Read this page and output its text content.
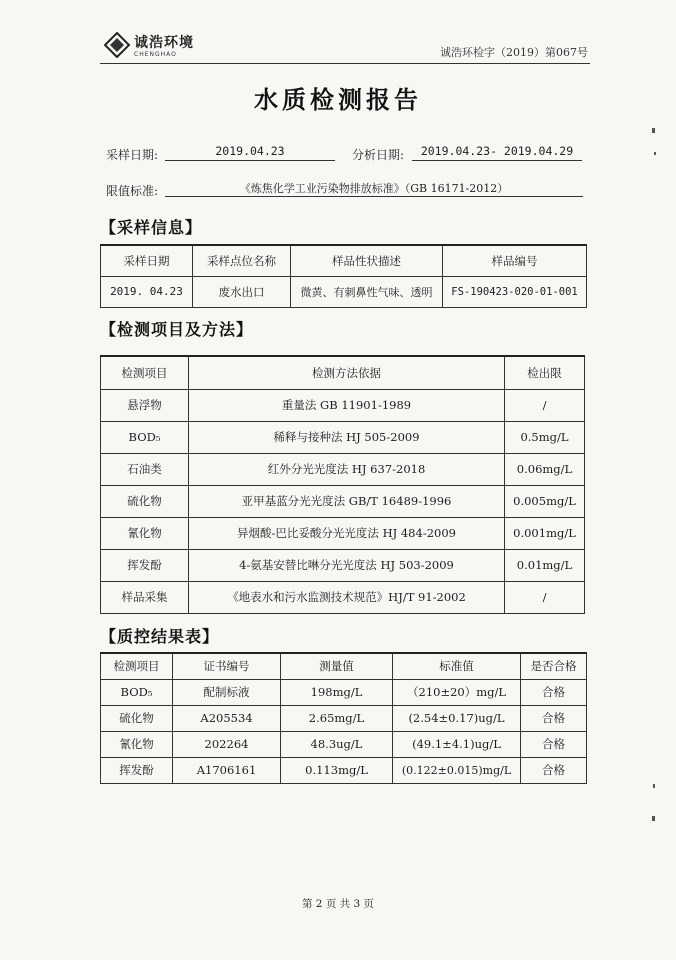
诚浩环境
CHENGHAO	诚浩环检字（2019）第067号
水质检测报告
采样日期:	2019.04.23	分析日期:	2019.04.23- 2019.04.29
限值标准:	《炼焦化学工业污染物排放标准》（GB 16171-2012）
【采样信息】
采样日期	采样点位名称	样品性状描述	样品编号
2019. 04.23	废水出口	微黄、有刺鼻性气味、透明	FS-190423-020-01-001
【检测项目及方法】
检测项目	检测方法依据	检出限
悬浮物	重量法 GB 11901-1989	/
BOD₅	稀释与接种法 HJ 505-2009	0.5mg/L
石油类	红外分光光度法 HJ 637-2018	0.06mg/L
硫化物	亚甲基蓝分光光度法 GB/T 16489-1996	0.005mg/L
氰化物	异烟酸-巴比妥酸分光光度法 HJ 484-2009	0.001mg/L
挥发酚	4-氨基安替比啉分光光度法 HJ 503-2009	0.01mg/L
样品采集	《地表水和污水监测技术规范》HJ/T 91-2002	/
【质控结果表】
检测项目	证书编号	测量值	标准值	是否合格
BOD₅	配制标液	198mg/L	（210±20）mg/L	合格
硫化物	A205534	2.65mg/L	(2.54±0.17)ug/L	合格
氰化物	202264	48.3ug/L	(49.1±4.1)ug/L	合格
挥发酚	A1706161	0.113mg/L	(0.122±0.015)mg/L	合格
第 2 页 共 3 页
